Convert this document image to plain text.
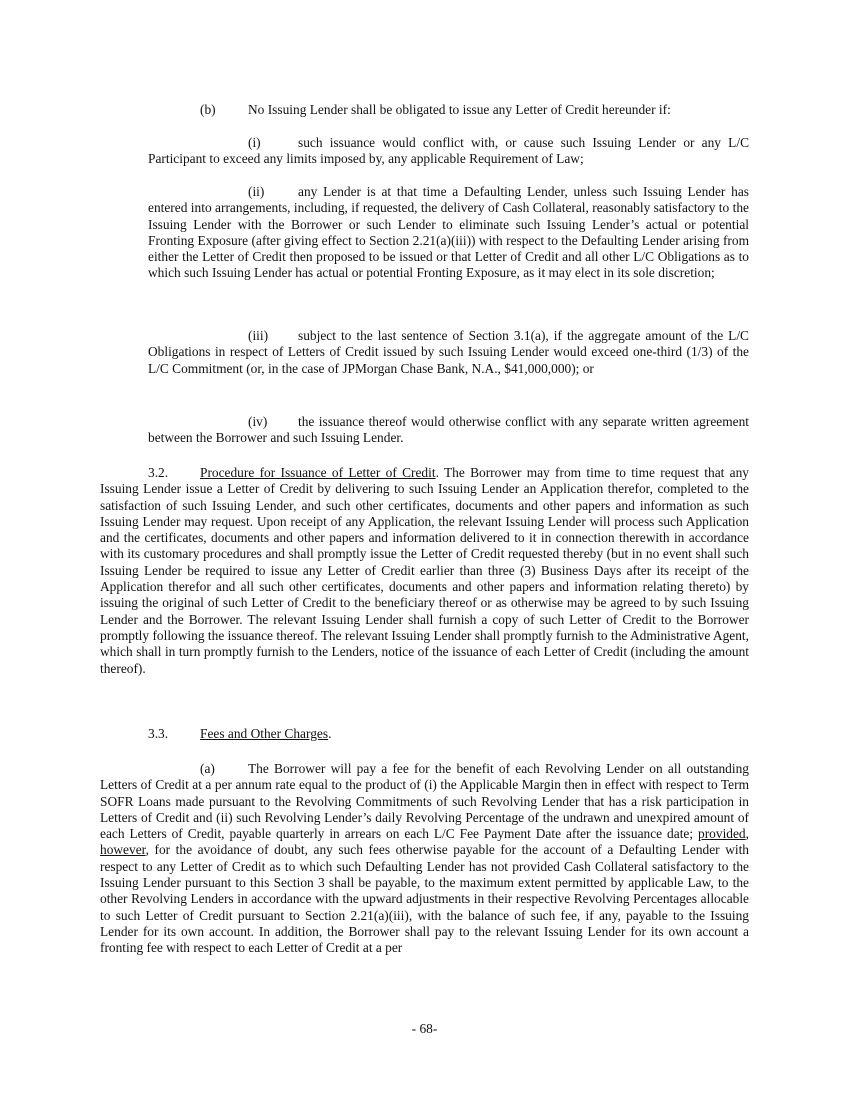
(b) No Issuing Lender shall be obligated to issue any Letter of Credit hereunder if:
(i)	such issuance would conflict with, or cause such Issuing Lender or any L/C Participant to exceed any limits imposed by, any applicable Requirement of Law;
(ii)	any Lender is at that time a Defaulting Lender, unless such Issuing Lender has entered into arrangements, including, if requested, the delivery of Cash Collateral, reasonably satisfactory to the Issuing Lender with the Borrower or such Lender to eliminate such Issuing Lender’s actual or potential Fronting Exposure (after giving effect to Section 2.21(a)(iii)) with respect to the Defaulting Lender arising from either the Letter of Credit then proposed to be issued or that Letter of Credit and all other L/C Obligations as to which such Issuing Lender has actual or potential Fronting Exposure, as it may elect in its sole discretion;
(iii) subject to the last sentence of Section 3.1(a), if the aggregate amount of the L/C Obligations in respect of Letters of Credit issued by such Issuing Lender would exceed one-third (1/3) of the L/C Commitment (or, in the case of JPMorgan Chase Bank, N.A., $41,000,000); or
(iv) the issuance thereof would otherwise conflict with any separate written agreement between the Borrower and such Issuing Lender.
3.2. Procedure for Issuance of Letter of Credit. The Borrower may from time to time request that any Issuing Lender issue a Letter of Credit by delivering to such Issuing Lender an Application therefor, completed to the satisfaction of such Issuing Lender, and such other certificates, documents and other papers and information as such Issuing Lender may request. Upon receipt of any Application, the relevant Issuing Lender will process such Application and the certificates, documents and other papers and information delivered to it in connection therewith in accordance with its customary procedures and shall promptly issue the Letter of Credit requested thereby (but in no event shall such Issuing Lender be required to issue any Letter of Credit earlier than three (3) Business Days after its receipt of the Application therefor and all such other certificates, documents and other papers and information relating thereto) by issuing the original of such Letter of Credit to the beneficiary thereof or as otherwise may be agreed to by such Issuing Lender and the Borrower. The relevant Issuing Lender shall furnish a copy of such Letter of Credit to the Borrower promptly following the issuance thereof. The relevant Issuing Lender shall promptly furnish to the Administrative Agent, which shall in turn promptly furnish to the Lenders, notice of the issuance of each Letter of Credit (including the amount thereof).
3.3. Fees and Other Charges.
(a) The Borrower will pay a fee for the benefit of each Revolving Lender on all outstanding Letters of Credit at a per annum rate equal to the product of (i) the Applicable Margin then in effect with respect to Term SOFR Loans made pursuant to the Revolving Commitments of such Revolving Lender that has a risk participation in Letters of Credit and (ii) such Revolving Lender’s daily Revolving Percentage of the undrawn and unexpired amount of each Letters of Credit, payable quarterly in arrears on each L/C Fee Payment Date after the issuance date; provided, however, for the avoidance of doubt, any such fees otherwise payable for the account of a Defaulting Lender with respect to any Letter of Credit as to which such Defaulting Lender has not provided Cash Collateral satisfactory to the Issuing Lender pursuant to this Section 3 shall be payable, to the maximum extent permitted by applicable Law, to the other Revolving Lenders in accordance with the upward adjustments in their respective Revolving Percentages allocable to such Letter of Credit pursuant to Section 2.21(a)(iii), with the balance of such fee, if any, payable to the Issuing Lender for its own account. In addition, the Borrower shall pay to the relevant Issuing Lender for its own account a fronting fee with respect to each Letter of Credit at a per
- 68-
